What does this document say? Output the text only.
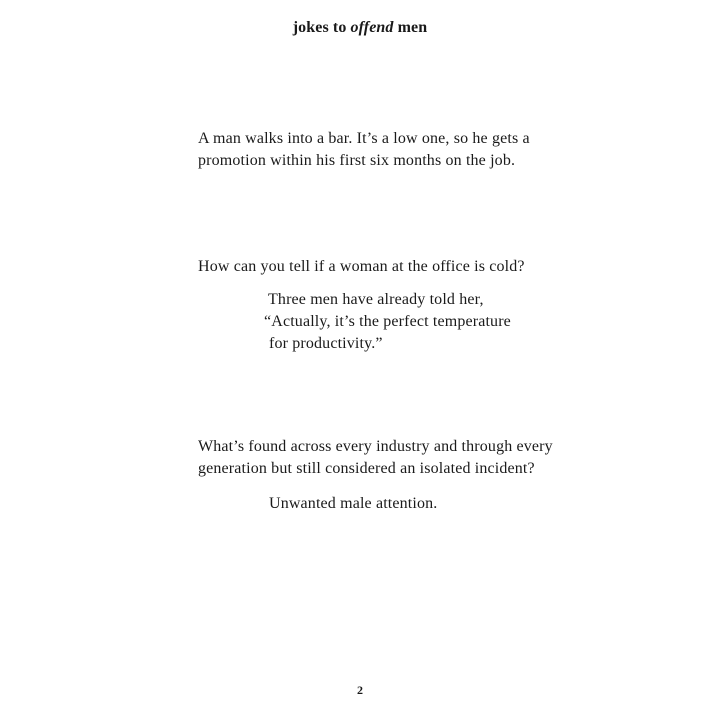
jokes to offend men
A man walks into a bar. It’s a low one, so he gets a
promotion within his first six months on the job.
How can you tell if a woman at the office is cold?
Three men have already told her,
“Actually, it’s the perfect temperature
for productivity.”
What’s found across every industry and through every
generation but still considered an isolated incident?
Unwanted male attention.
2
